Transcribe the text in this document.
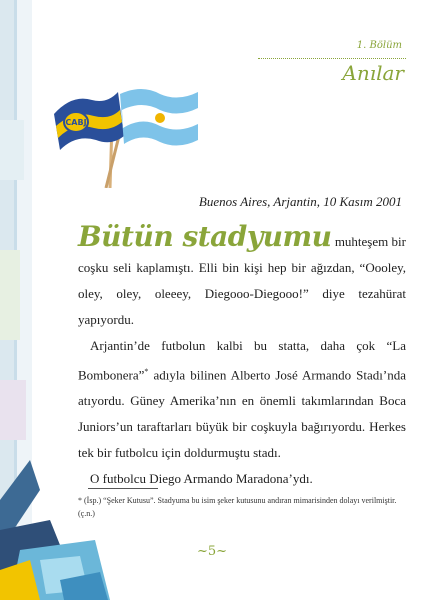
1. Bölüm
Anılar
CABJ
Buenos Aires, Arjantin, 10 Kasım 2001

Bütün stadyumu muhteşem bir coşku seli kaplamıştı. Elli bin kişi hep bir ağızdan, “Oooley, oley, oley, oleeey, Diegooo-Diegooo!” diye tezahürat yapıyordu.

Arjantin’de futbolun kalbi bu statta, daha çok “La Bombonera”* adıyla bilinen Alberto José Armando Stadı’nda atıyordu. Güney Amerika’nın en önemli takımlarından Boca Juniors’un taraftarları büyük bir coşkuyla bağırıyordu. Herkes tek bir futbolcu için doldurmuştu stadı.

O futbolcu Diego Armando Maradona’ydı.

* (İsp.) “Şeker Kutusu”. Stadyuma bu isim şeker kutusunu andıran mimarisinden dolayı verilmiştir. (ç.n.)
~5~
